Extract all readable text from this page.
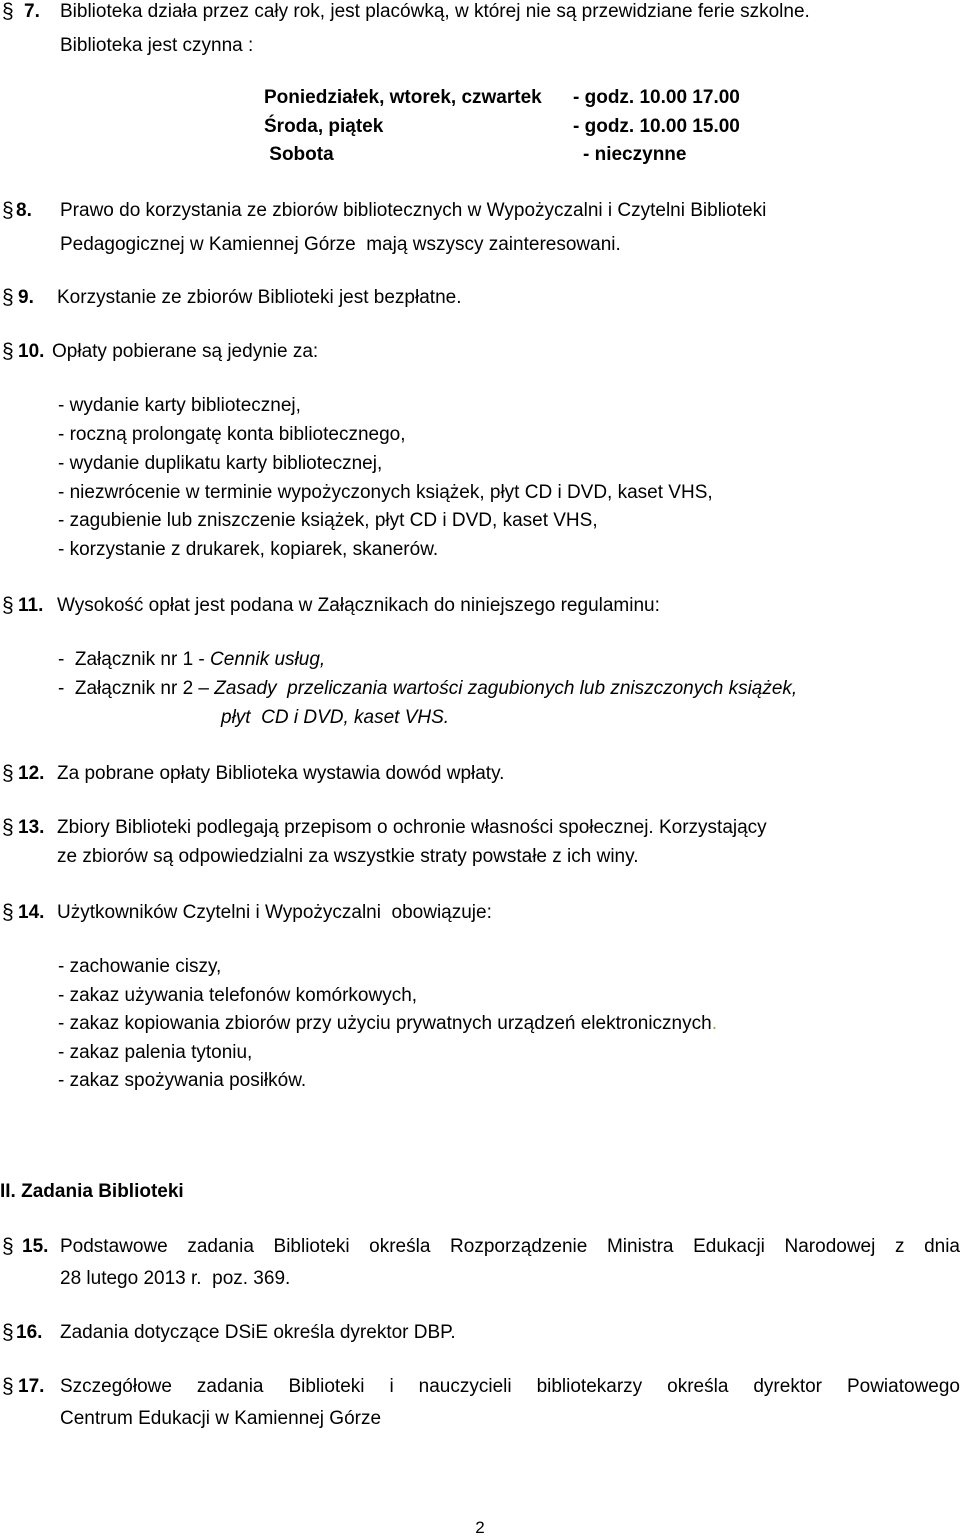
§ 7. Biblioteka działa przez cały rok, jest placówką, w której nie są przewidziane ferie szkolne.
Biblioteka jest czynna :
Poniedziałek, wtorek, czwartek - godz. 10.00 17.00
Środa, piątek	- godz. 10.00 15.00
Sobota	- nieczynne
§ 8. Prawo do korzystania ze zbiorów bibliotecznych w Wypożyczalni i Czytelni Biblioteki
Pedagogicznej w Kamiennej Górze  mają wszyscy zainteresowani.
§ 9. Korzystanie ze zbiorów Biblioteki jest bezpłatne.
§ 10. Opłaty pobierane są jedynie za:
- wydanie karty bibliotecznej,
- roczną prolongatę konta bibliotecznego,
- wydanie duplikatu karty bibliotecznej,
- niezwrócenie w terminie wypożyczonych książek, płyt CD i DVD, kaset VHS,
- zagubienie lub zniszczenie książek, płyt CD i DVD, kaset VHS,
- korzystanie z drukarek, kopiarek, skanerów.
§ 11. Wysokość opłat jest podana w Załącznikach do niniejszego regulaminu:
-  Załącznik nr 1 - Cennik usług,
-  Załącznik nr 2 – Zasady  przeliczania wartości zagubionych lub zniszczonych książek,
płyt  CD i DVD, kaset VHS.
§ 12. Za pobrane opłaty Biblioteka wystawia dowód wpłaty.
§ 13. Zbiory Biblioteki podlegają przepisom o ochronie własności społecznej. Korzystający
ze zbiorów są odpowiedzialni za wszystkie straty powstałe z ich winy.
§ 14. Użytkowników Czytelni i Wypożyczalni  obowiązuje:
- zachowanie ciszy,
- zakaz używania telefonów komórkowych,
- zakaz kopiowania zbiorów przy użyciu prywatnych urządzeń elektronicznych.
- zakaz palenia tytoniu,
- zakaz spożywania posiłków.
II. Zadania Biblioteki
§ 15. Podstawowe zadania Biblioteki określa Rozporządzenie Ministra Edukacji Narodowej z dnia
28 lutego 2013 r.  poz. 369.
§ 16. Zadania dotyczące DSiE określa dyrektor DBP.
§ 17. Szczegółowe zadania Biblioteki i nauczycieli bibliotekarzy określa dyrektor Powiatowego
Centrum Edukacji w Kamiennej Górze
2
